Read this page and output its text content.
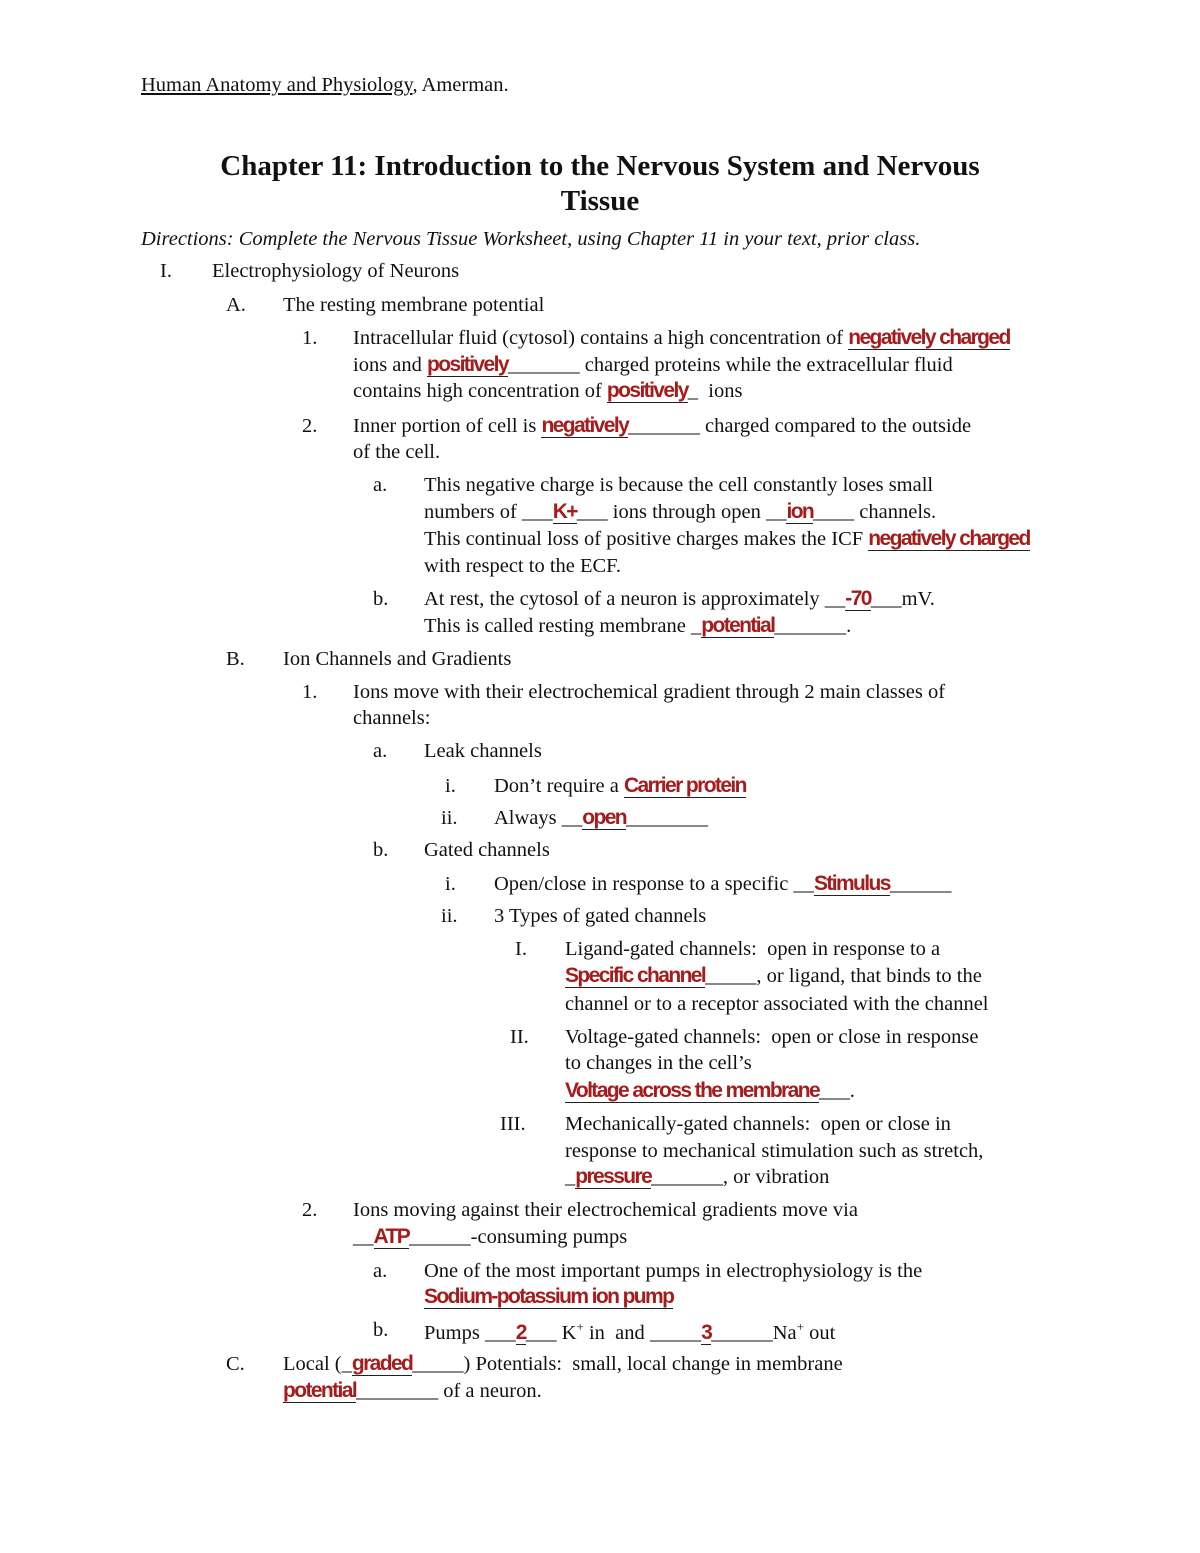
Human Anatomy and Physiology, Amerman.
Chapter 11: Introduction to the Nervous System and Nervous
Tissue
Directions: Complete the Nervous Tissue Worksheet, using Chapter 11 in your text, prior class.
I. Electrophysiology of Neurons
A. The resting membrane potential
1. Intracellular fluid (cytosol) contains a high concentration of negatively charged
ions and positively_______ charged proteins while the extracellular fluid
contains high concentration of positively_  ions
2. Inner portion of cell is negatively_______ charged compared to the outside
of the cell.
a. This negative charge is because the cell constantly loses small
numbers of ___K+___ ions through open __ion____ channels.
This continual loss of positive charges makes the ICF negatively charged
with respect to the ECF.
b. At rest, the cytosol of a neuron is approximately __-70___mV.
This is called resting membrane _potential_______.
B. Ion Channels and Gradients
1. Ions move with their electrochemical gradient through 2 main classes of
channels:
a. Leak channels
i. Don’t require a Carrier protein
ii. Always __open________
b. Gated channels
i. Open/close in response to a specific __Stimulus______
ii. 3 Types of gated channels
I. Ligand-gated channels:  open in response to a
Specific channel_____, or ligand, that binds to the
channel or to a receptor associated with the channel
II. Voltage-gated channels:  open or close in response
to changes in the cell’s
Voltage across the membrane___.
III. Mechanically-gated channels:  open or close in
response to mechanical stimulation such as stretch,
_pressure_______, or vibration
2. Ions moving against their electrochemical gradients move via
__ATP______-consuming pumps
a. One of the most important pumps in electrophysiology is the
Sodium-potassium ion pump
b. Pumps ___2___ K+ in  and _____3______Na+ out
C. Local (_graded_____) Potentials:  small, local change in membrane
potential________ of a neuron.
